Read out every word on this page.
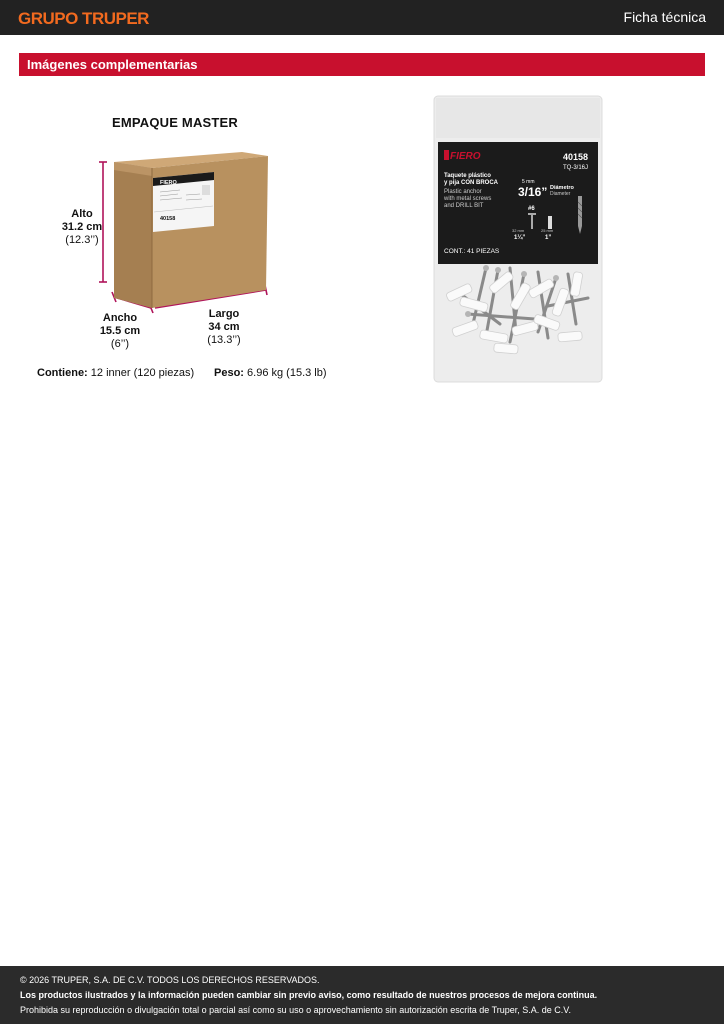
GRUPO TRUPER	Ficha técnica
Imágenes complementarias
EMPAQUE MASTER
FIERO
40158
Alto
31.2 cm
(12.3’’)
Ancho
15.5 cm
(6’’)
Largo
34 cm
(13.3’’)
Contiene: 12 inner (120 piezas) Peso: 6.96 kg (15.3 lb)
FIERO	40158
TQ-3/16J
Taquete plástico
y pija CON BROCA
Plastic anchor
with metal screws
and DRILL BIT
5 mm
3/16” Diámetro
Diameter
#6
32 mm
1¼”
25 mm
1”
CONT.: 41 PIEZAS
© 2026 TRUPER, S.A. DE C.V. TODOS LOS DERECHOS RESERVADOS.
Los productos ilustrados y la información pueden cambiar sin previo aviso, como resultado de nuestros procesos de mejora continua.
Prohibida su reproducción o divulgación total o parcial así como su uso o aprovechamiento sin autorización escrita de Truper, S.A. de C.V.
